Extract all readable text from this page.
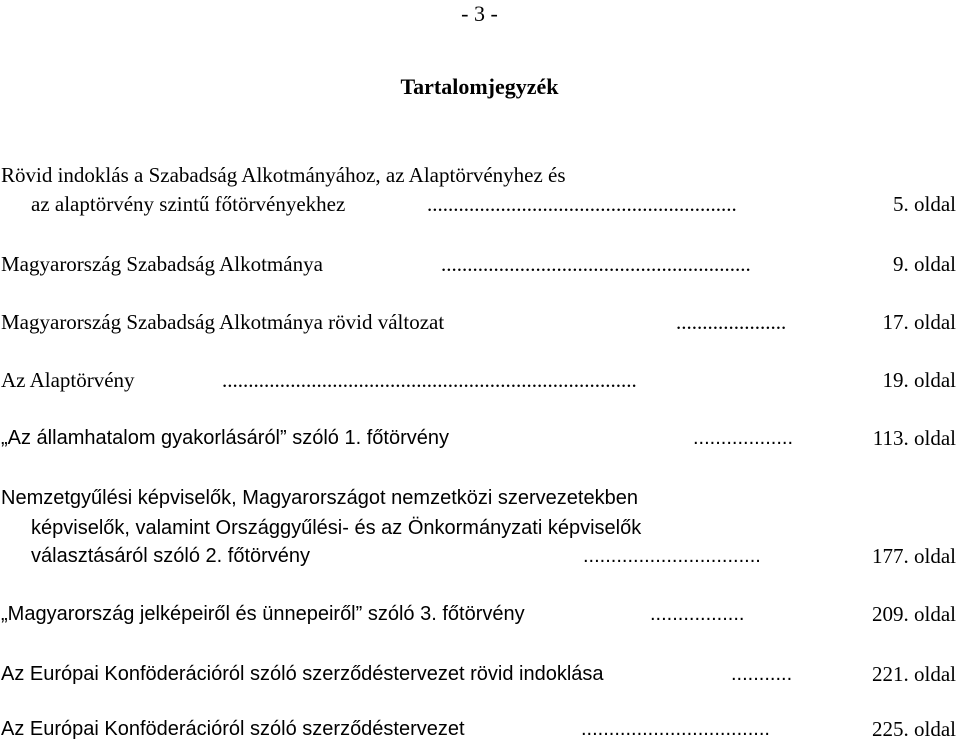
- 3 -
Tartalomjegyzék
Rövid indoklás a Szabadság Alkotmányához, az Alaptörvényhez és
az alaptörvény szintű főtörvényekhez	...........................................................	5. oldal
Magyarország Szabadság Alkotmánya	...........................................................	9. oldal
Magyarország Szabadság Alkotmánya rövid változat	.....................	17. oldal
Az Alaptörvény	...............................................................................	19. oldal
„Az államhatalom gyakorlásáról” szóló 1. főtörvény	..................	113. oldal
Nemzetgyűlési képviselők, Magyarországot nemzetközi szervezetekben
képviselők, valamint Országgyűlési- és az Önkormányzati képviselők
választásáról szóló 2. főtörvény	................................	177. oldal
„Magyarország jelképeiről és ünnepeiről” szóló 3. főtörvény	.................	209. oldal
Az Európai Konföderációról szóló szerződéstervezet rövid indoklása	...........	221. oldal
Az Európai Konföderációról szóló szerződéstervezet	..................................	225. oldal
